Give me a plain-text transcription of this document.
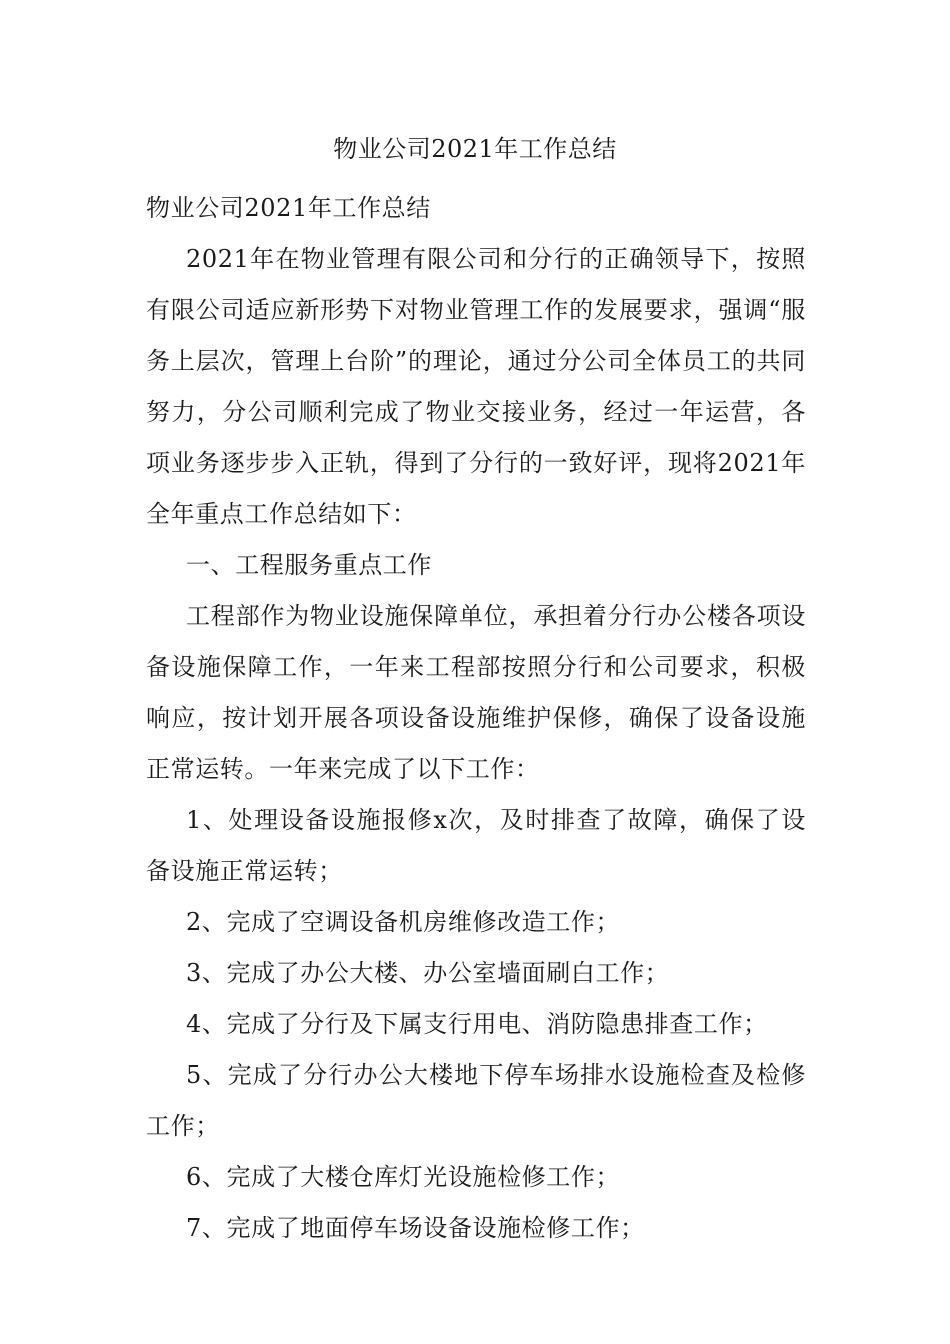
物业公司2021年工作总结

物业公司2021年工作总结

2021年在物业管理有限公司和分行的正确领导下，按照有限公司适应新形势下对物业管理工作的发展要求，强调“服务上层次，管理上台阶”的理论，通过分公司全体员工的共同努力，分公司顺利完成了物业交接业务，经过一年运营，各项业务逐步步入正轨，得到了分行的一致好评，现将2021年全年重点工作总结如下：

一、工程服务重点工作

工程部作为物业设施保障单位，承担着分行办公楼各项设备设施保障工作，一年来工程部按照分行和公司要求，积极响应，按计划开展各项设备设施维护保修，确保了设备设施正常运转。一年来完成了以下工作：

1、处理设备设施报修x次，及时排查了故障，确保了设备设施正常运转；

2、完成了空调设备机房维修改造工作；

3、完成了办公大楼、办公室墙面刷白工作；

4、完成了分行及下属支行用电、消防隐患排查工作；

5、完成了分行办公大楼地下停车场排水设施检查及检修工作；

6、完成了大楼仓库灯光设施检修工作；

7、完成了地面停车场设备设施检修工作；
